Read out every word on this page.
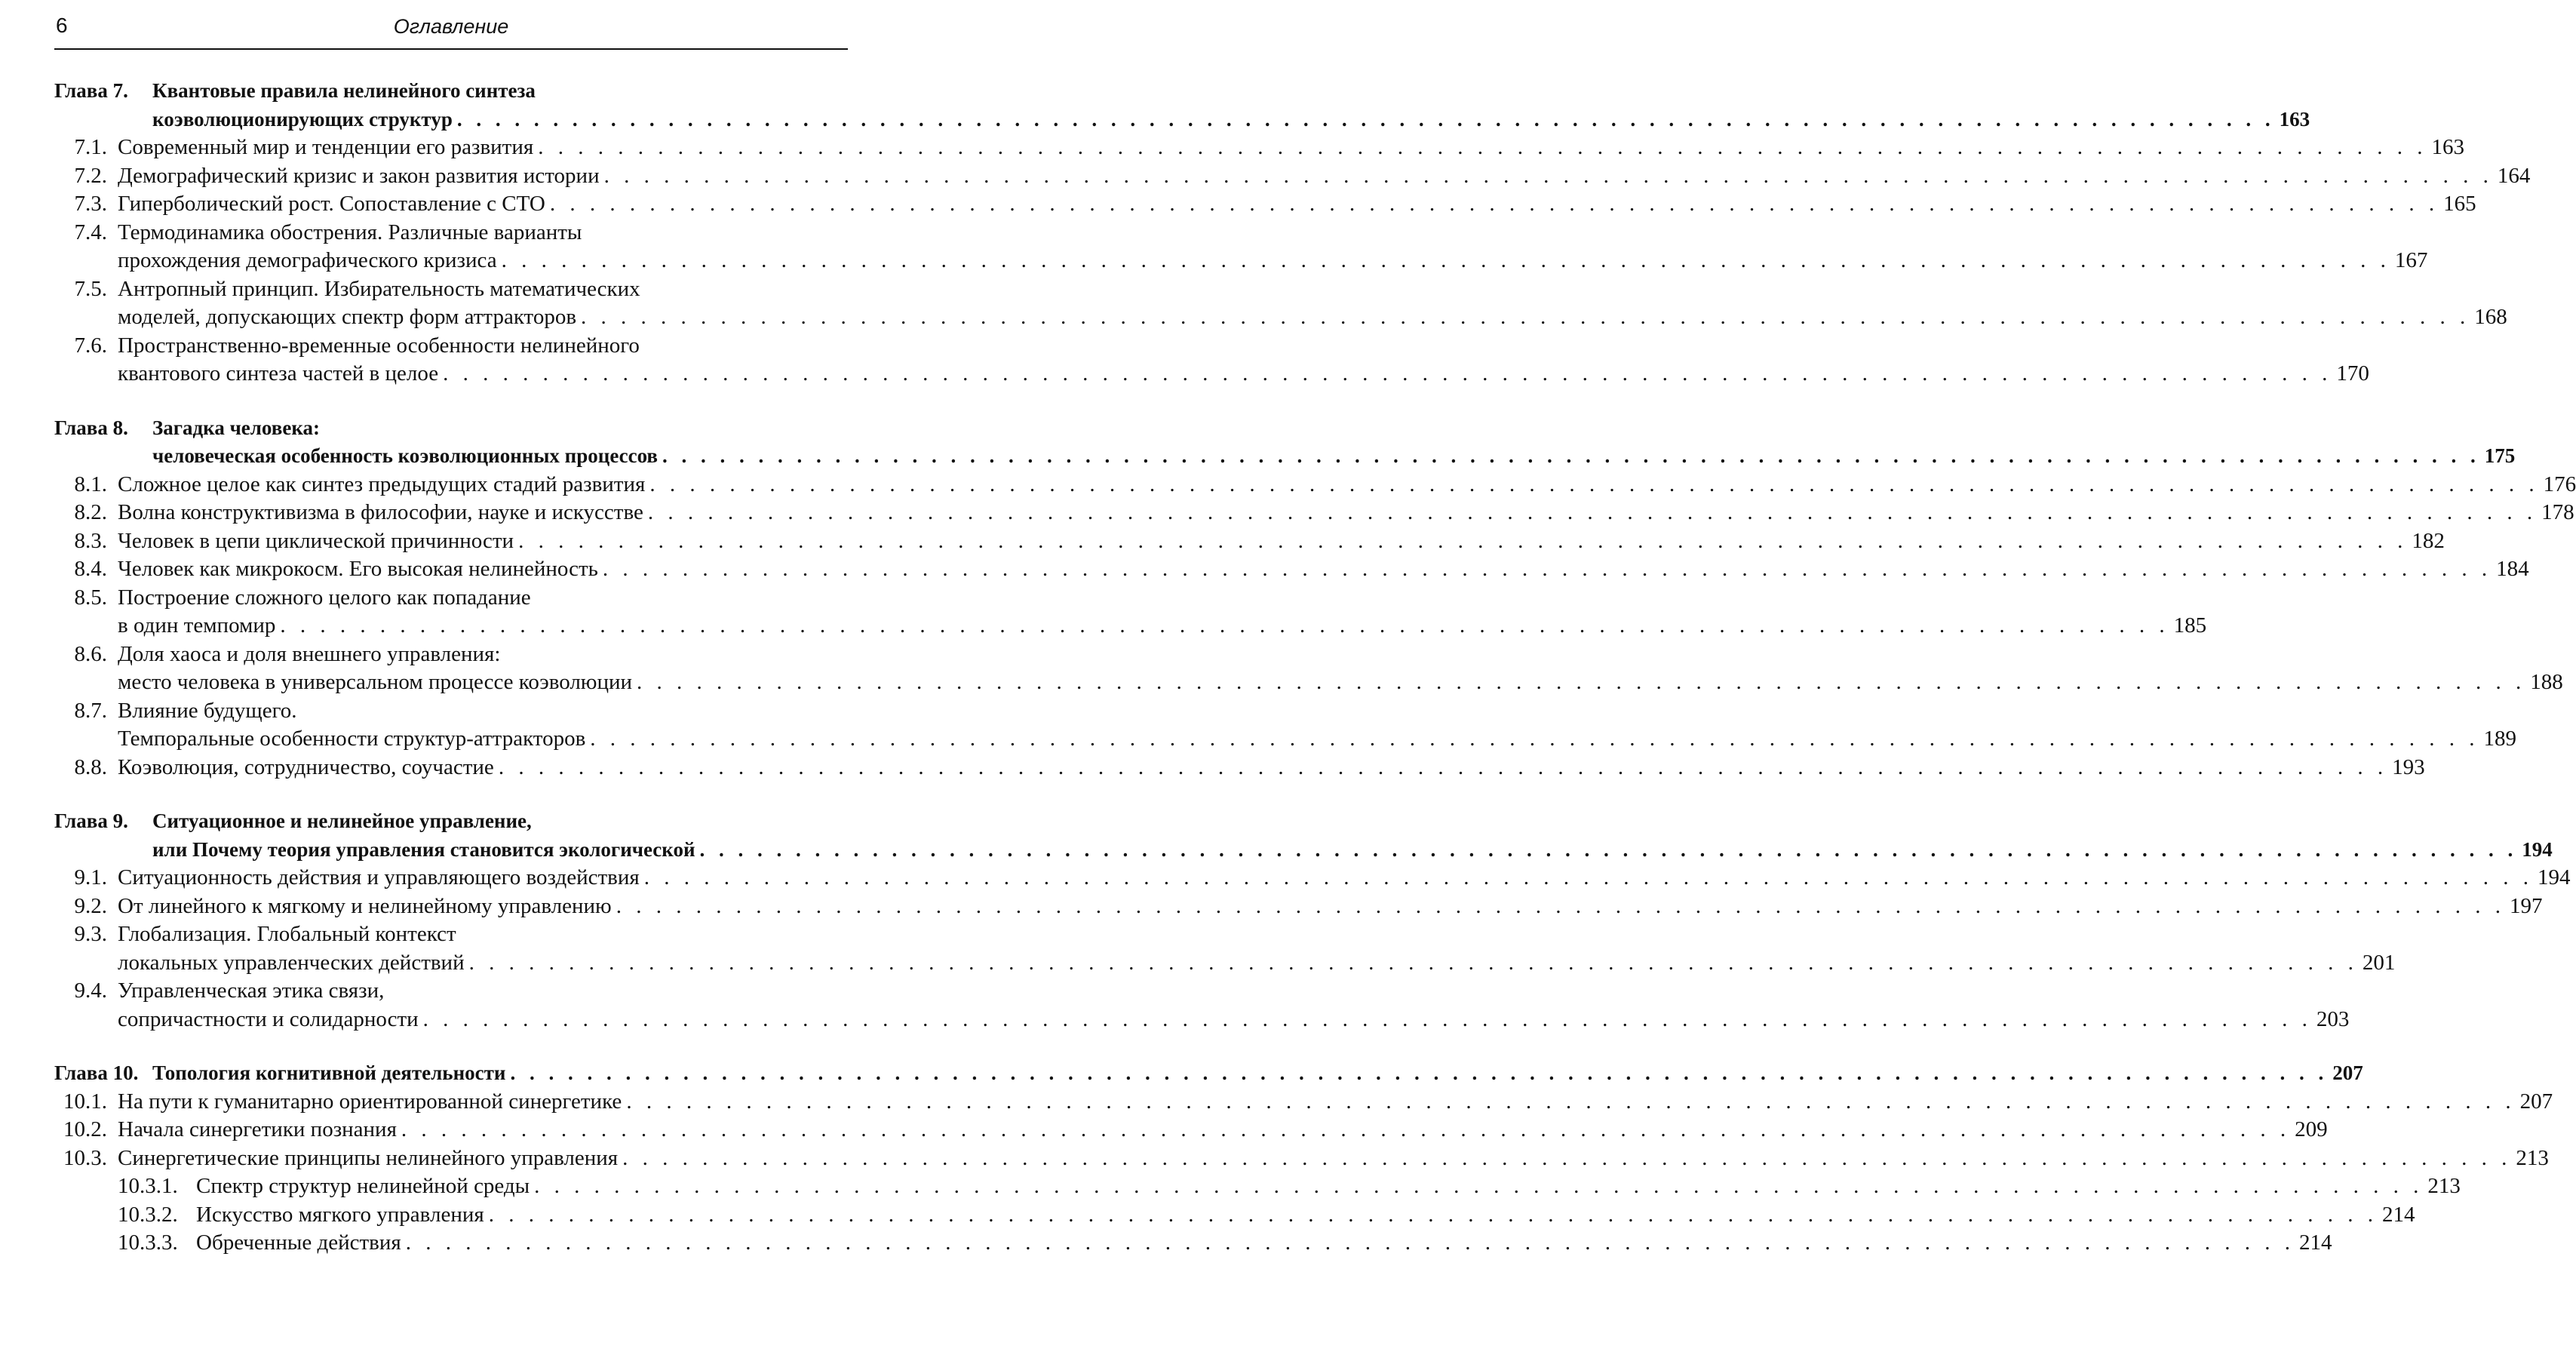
6	Оглавление
Глава 7.	Квантовые правила нелинейного синтеза
коэволюционирующих структур . . .	163
7.1. Современный мир и тенденции его развития . . .	163
7.2. Демографический кризис и закон развития истории . . .	164
7.3. Гиперболический рост. Сопоставление с СТО . . .	165
7.4. Термодинамика обострения. Различные варианты
прохождения демографического кризиса . . .	167
7.5. Антропный принцип. Избирательность математических
моделей, допускающих спектр форм аттракторов . . .	168
7.6. Пространственно-временные особенности нелинейного
квантового синтеза частей в целое . . .	170
Глава 8.	Загадка человека:
человеческая особенность коэволюционных процессов . . .	175
8.1. Сложное целое как синтез предыдущих стадий развития . . .	176
8.2. Волна конструктивизма в философии, науке и искусстве . . .	178
8.3. Человек в цепи циклической причинности . . .	182
8.4. Человек как микрокосм. Его высокая нелинейность . . .	184
8.5. Построение сложного целого как попадание
в один темпомир . . .	185
8.6. Доля хаоса и доля внешнего управления:
место человека в универсальном процессе коэволюции . . .	188
8.7. Влияние будущего.
Темпоральные особенности структур-аттракторов . . .	189
8.8. Коэволюция, сотрудничество, соучастие . . .	193
Глава 9.	Ситуационное и нелинейное управление,
или Почему теория управления становится экологической . . .	194
9.1. Ситуационность действия и управляющего воздействия . . .	194
9.2. От линейного к мягкому и нелинейному управлению . . .	197
9.3. Глобализация. Глобальный контекст
локальных управленческих действий . . .	201
9.4. Управленческая этика связи,
сопричастности и солидарности . . .	203
Глава 10. Топология когнитивной деятельности . . .	207
10.1. На пути к гуманитарно ориентированной синергетике . . .	207
10.2. Начала синергетики познания . . .	209
10.3. Синергетические принципы нелинейного управления . . .	213
10.3.1. Спектр структур нелинейной среды . . .	213
10.3.2. Искусство мягкого управления . . .	214
10.3.3. Обреченные действия . . .	214
